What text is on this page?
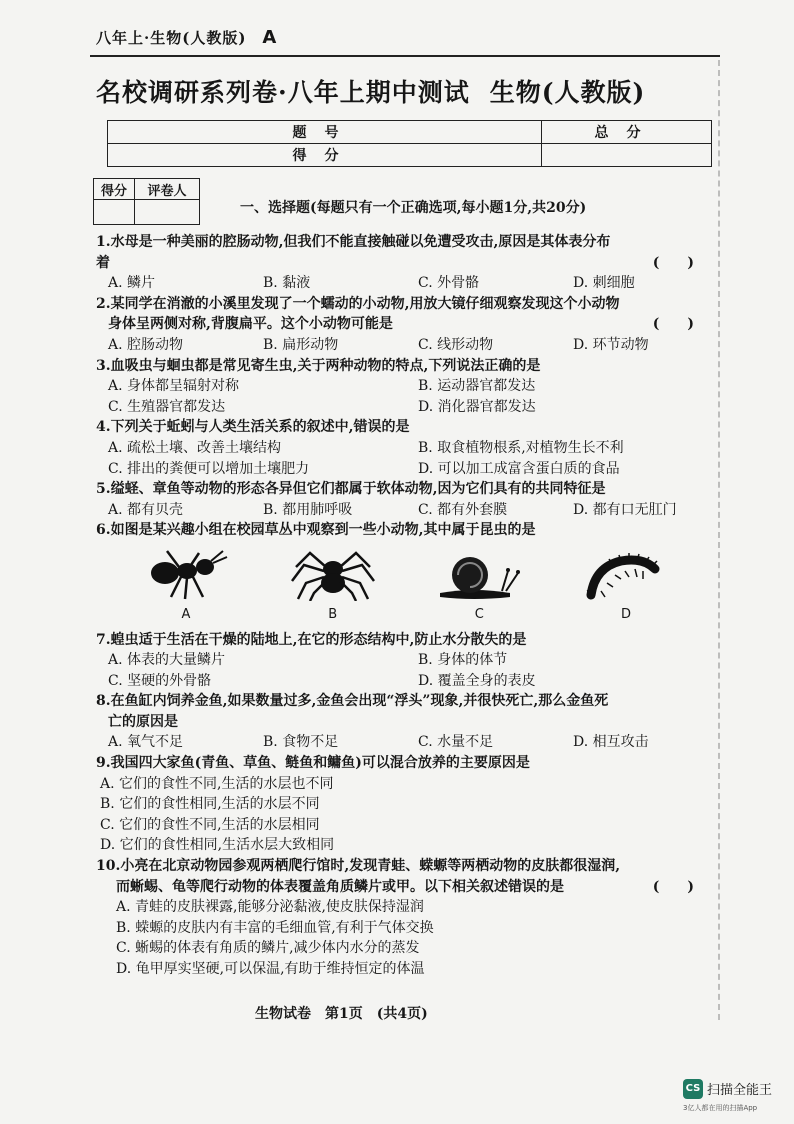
八年上·生物(人教版) A
名校调研系列卷·八年上期中测试 生物(人教版)
题号	总分
得分	
得分	评卷人

一、选择题(每题只有一个正确选项,每小题1分,共20分)
1.水母是一种美丽的腔肠动物,但我们不能直接触碰以免遭受攻击,原因是其体表分布
着	(　　)
A. 鳞片	B. 黏液	C. 外骨骼	D. 刺细胞
2.某同学在消澈的小溪里发现了一个蠕动的小动物,用放大镜仔细观察发现这个小动物
身体呈两侧对称,背腹扁平。这个小动物可能是	(　　)
A. 腔肠动物	B. 扁形动物	C. 线形动物	D. 环节动物
3.血吸虫与蛔虫都是常见寄生虫,关于两种动物的特点,下列说法正确的是
A. 身体都呈辐射对称	B. 运动器官都发达
C. 生殖器官都发达	D. 消化器官都发达
4.下列关于蚯蚓与人类生活关系的叙述中,错误的是
A. 疏松土壤、改善土壤结构	B. 取食植物根系,对植物生长不利
C. 排出的粪便可以增加土壤肥力	D. 可以加工成富含蛋白质的食品
5.缢蛏、章鱼等动物的形态各异但它们都属于软体动物,因为它们具有的共同特征是
A. 都有贝壳	B. 都用肺呼吸	C. 都有外套膜	D. 都有口无肛门
6.如图是某兴趣小组在校园草丛中观察到一些小动物,其中属于昆虫的是
A	B	C	D
7.蝗虫适于生活在干燥的陆地上,在它的形态结构中,防止水分散失的是
A. 体表的大量鳞片	B. 身体的体节
C. 坚硬的外骨骼	D. 覆盖全身的表皮
8.在鱼缸内饲养金鱼,如果数量过多,金鱼会出现“浮头”现象,并很快死亡,那么金鱼死
亡的原因是
A. 氧气不足	B. 食物不足	C. 水量不足	D. 相互攻击
9.我国四大家鱼(青鱼、草鱼、鲢鱼和鳙鱼)可以混合放养的主要原因是
A. 它们的食性不同,生活的水层也不同
B. 它们的食性相同,生活的水层不同
C. 它们的食性不同,生活的水层相同
D. 它们的食性相同,生活水层大致相同
10.小亮在北京动物园参观两栖爬行馆时,发现青蛙、蝾螈等两栖动物的皮肤都很湿润,
而蜥蜴、龟等爬行动物的体表覆盖角质鳞片或甲。以下相关叙述错误的是	(　　)
A. 青蛙的皮肤裸露,能够分泌黏液,使皮肤保持湿润
B. 蝾螈的皮肤内有丰富的毛细血管,有利于气体交换
C. 蜥蜴的体表有角质的鳞片,减少体内水分的蒸发
D. 龟甲厚实坚硬,可以保温,有助于维持恒定的体温
生物试卷 第1页 (共4页)
CS 扫描全能王
3亿人都在用的扫描App
